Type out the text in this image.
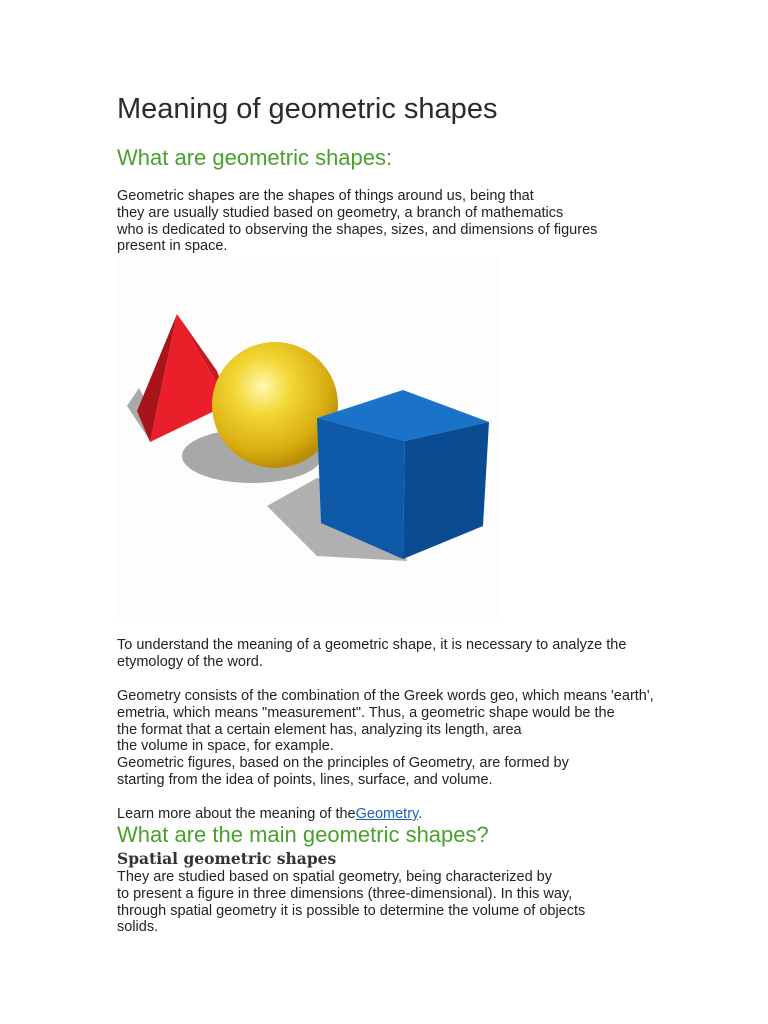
Meaning of geometric shapes
What are geometric shapes:

Geometric shapes are the shapes of things around us, being that
they are usually studied based on geometry, a branch of mathematics
who is dedicated to observing the shapes, sizes, and dimensions of figures
present in space.

To understand the meaning of a geometric shape, it is necessary to analyze the
etymology of the word.

Geometry consists of the combination of the Greek words geo, which means 'earth',
emetria, which means "measurement". Thus, a geometric shape would be the
the format that a certain element has, analyzing its length, area
the volume in space, for example.
Geometric figures, based on the principles of Geometry, are formed by
starting from the idea of points, lines, surface, and volume.

Learn more about the meaning of theGeometry.

What are the main geometric shapes?
Spatial geometric shapes

They are studied based on spatial geometry, being characterized by
to present a figure in three dimensions (three-dimensional). In this way,
through spatial geometry it is possible to determine the volume of objects
solids.
